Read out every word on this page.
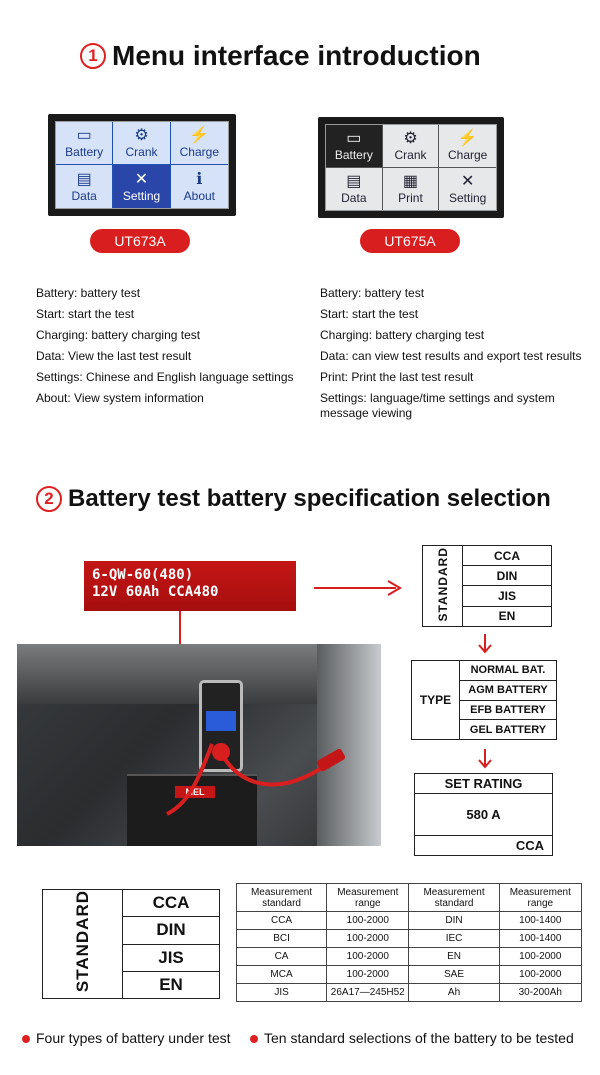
1 Menu interface introduction
▭
Battery
⚙
Crank
⚡
Charge
▤
Data
✕
Setting
ℹ
About
UT673A
▭
Battery
⚙
Crank
⚡
Charge
▤
Data
▦
Print
✕
Setting
UT675A
Battery: battery test
Start: start the test
Charging: battery charging test
Data: View the last test result
Settings: Chinese and English language settings
About: View system information
Battery: battery test
Start: start the test
Charging: battery charging test
Data: can view test results and export test results
Print: Print the last test result
Settings: language/time settings and system
message viewing
2 Battery test battery specification selection
6-QW-60(480)
12V 60Ah CCA480
MEL
STANDARD	CCA
DIN
JIS
EN
TYPE	NORMAL BAT.
AGM BATTERY
EFB BATTERY
GEL BATTERY
SET RATING
580 A
CCA
STANDARD	CCA
DIN
JIS
EN
Measurement standard	Measurement range	Measurement standard	Measurement range
CCA	100-2000	DIN	100-1400
BCI	100-2000	IEC	100-1400
CA	100-2000	EN	100-2000
MCA	100-2000	SAE	100-2000
JIS	26A17—245H52	Ah	30-200Ah
Four types of battery under test	Ten standard selections of the battery to be tested
